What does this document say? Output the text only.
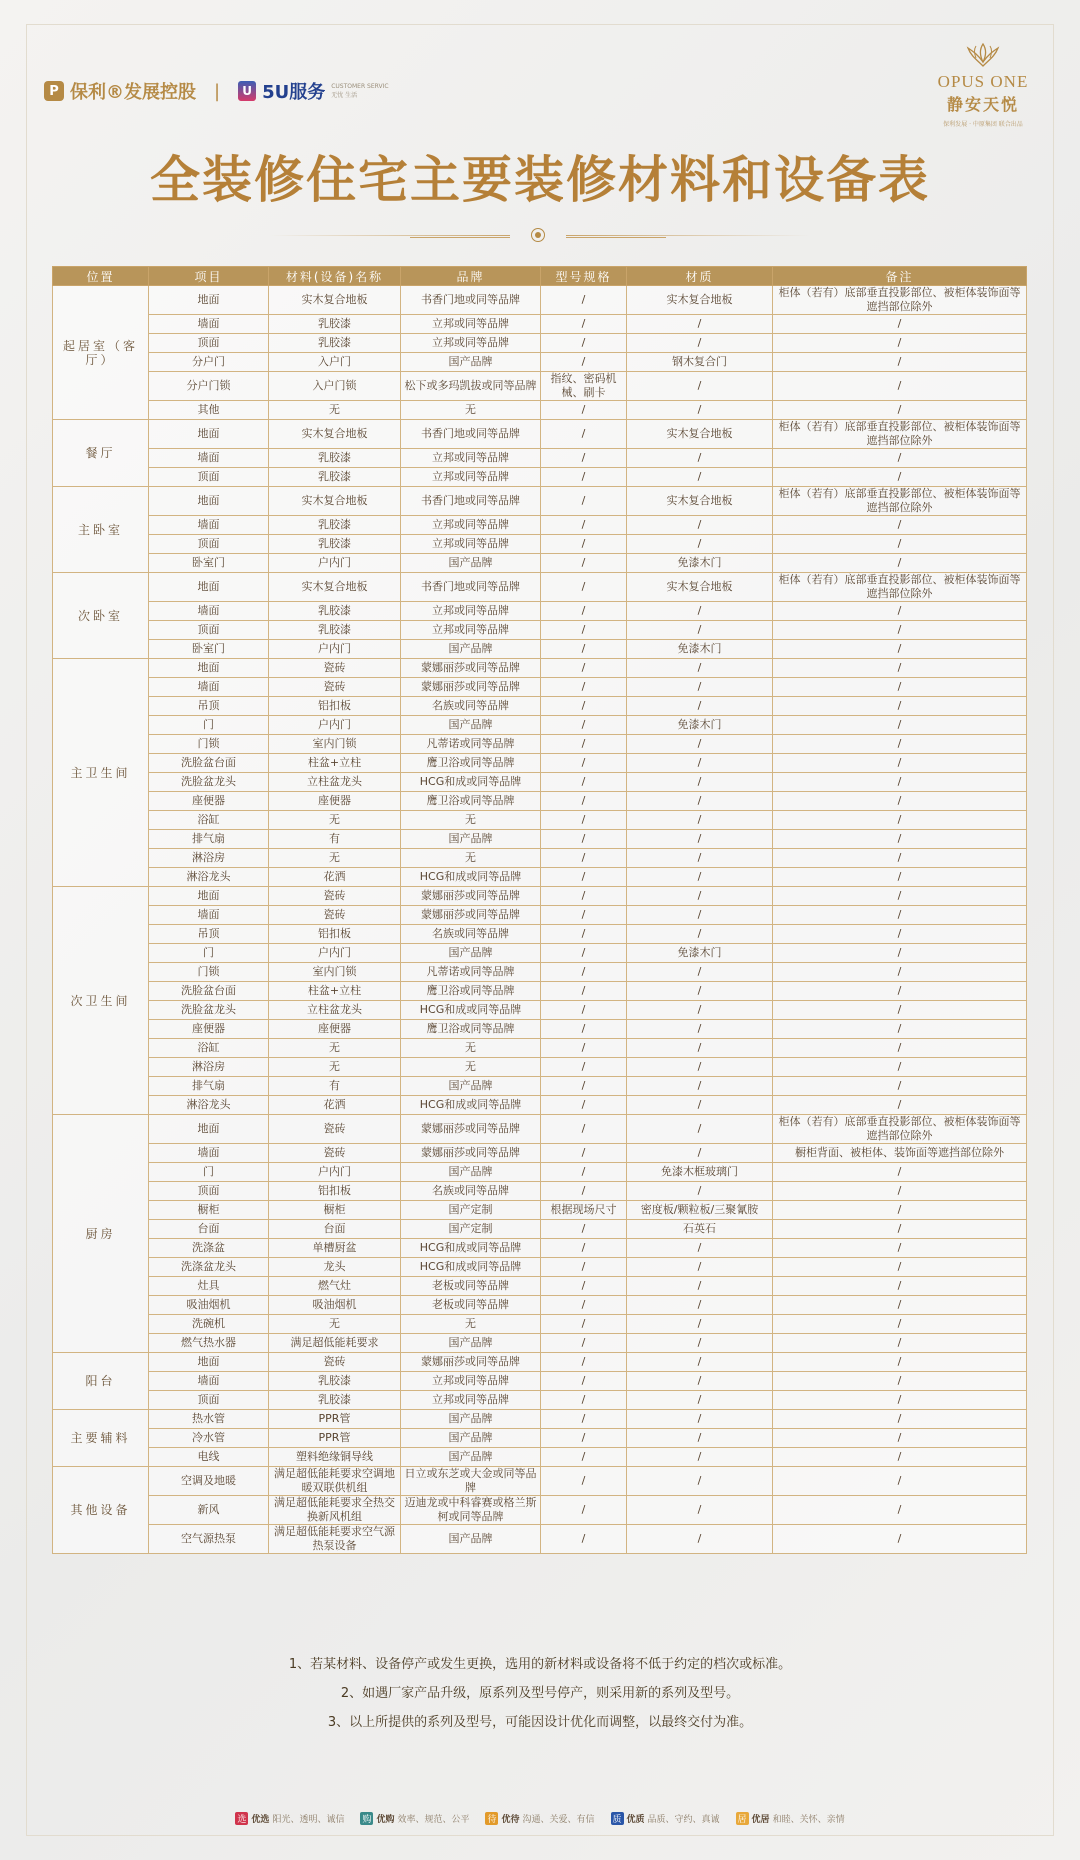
P 保利 ®发展控股 |	U 5U服务 CUSTOMER SERVIC
无忧 生活
OPUS ONE
静安天悦
保利发展 · 中原集团 联合出品
全装修住宅主要装修材料和设备表
位置	项目	材料(设备)名称	品牌	型号规格	材质	备注
起居室（客厅）	地面	实木复合地板	书香门地或同等品牌	/	实木复合地板	柜体（若有）底部垂直投影部位、被柜体装饰面等遮挡部位除外
	墙面	乳胶漆	立邦或同等品牌	/	/	/
	顶面	乳胶漆	立邦或同等品牌	/	/	/
	分户门	入户门	国产品牌	/	钢木复合门	/
	分户门锁	入户门锁	松下或多玛凯拔或同等品牌	指纹、密码机械、刷卡	/	/
	其他	无	无	/	/	/
餐厅	地面	实木复合地板	书香门地或同等品牌	/	实木复合地板	柜体（若有）底部垂直投影部位、被柜体装饰面等遮挡部位除外
	墙面	乳胶漆	立邦或同等品牌	/	/	/
	顶面	乳胶漆	立邦或同等品牌	/	/	/
主卧室	地面	实木复合地板	书香门地或同等品牌	/	实木复合地板	柜体（若有）底部垂直投影部位、被柜体装饰面等遮挡部位除外
	墙面	乳胶漆	立邦或同等品牌	/	/	/
	顶面	乳胶漆	立邦或同等品牌	/	/	/
	卧室门	户内门	国产品牌	/	免漆木门	/
次卧室	地面	实木复合地板	书香门地或同等品牌	/	实木复合地板	柜体（若有）底部垂直投影部位、被柜体装饰面等遮挡部位除外
	墙面	乳胶漆	立邦或同等品牌	/	/	/
	顶面	乳胶漆	立邦或同等品牌	/	/	/
	卧室门	户内门	国产品牌	/	免漆木门	/
主卫生间	地面	瓷砖	蒙娜丽莎或同等品牌	/	/	/
	墙面	瓷砖	蒙娜丽莎或同等品牌	/	/	/
	吊顶	铝扣板	名族或同等品牌	/	/	/
	门	户内门	国产品牌	/	免漆木门	/
	门锁	室内门锁	凡蒂诺或同等品牌	/	/	/
	洗脸盆台面	柱盆+立柱	鹰卫浴或同等品牌	/	/	/
	洗脸盆龙头	立柱盆龙头	HCG和成或同等品牌	/	/	/
	座便器	座便器	鹰卫浴或同等品牌	/	/	/
	浴缸	无	无	/	/	/
	排气扇	有	国产品牌	/	/	/
	淋浴房	无	无	/	/	/
	淋浴龙头	花洒	HCG和成或同等品牌	/	/	/
次卫生间	地面	瓷砖	蒙娜丽莎或同等品牌	/	/	/
	墙面	瓷砖	蒙娜丽莎或同等品牌	/	/	/
	吊顶	铝扣板	名族或同等品牌	/	/	/
	门	户内门	国产品牌	/	免漆木门	/
	门锁	室内门锁	凡蒂诺或同等品牌	/	/	/
	洗脸盆台面	柱盆+立柱	鹰卫浴或同等品牌	/	/	/
	洗脸盆龙头	立柱盆龙头	HCG和成或同等品牌	/	/	/
	座便器	座便器	鹰卫浴或同等品牌	/	/	/
	浴缸	无	无	/	/	/
	淋浴房	无	无	/	/	/
	排气扇	有	国产品牌	/	/	/
	淋浴龙头	花洒	HCG和成或同等品牌	/	/	/
厨房	地面	瓷砖	蒙娜丽莎或同等品牌	/	/	柜体（若有）底部垂直投影部位、被柜体装饰面等遮挡部位除外
	墙面	瓷砖	蒙娜丽莎或同等品牌	/	/	橱柜背面、被柜体、装饰面等遮挡部位除外
	门	户内门	国产品牌	/	免漆木框玻璃门	/
	顶面	铝扣板	名族或同等品牌	/	/	/
	橱柜	橱柜	国产定制	根据现场尺寸	密度板/颗粒板/三聚氰胺	/
	台面	台面	国产定制	/	石英石	/
	洗涤盆	单槽厨盆	HCG和成或同等品牌	/	/	/
	洗涤盆龙头	龙头	HCG和成或同等品牌	/	/	/
	灶具	燃气灶	老板或同等品牌	/	/	/
	吸油烟机	吸油烟机	老板或同等品牌	/	/	/
	洗碗机	无	无	/	/	/
	燃气热水器	满足超低能耗要求	国产品牌	/	/	/
阳台	地面	瓷砖	蒙娜丽莎或同等品牌	/	/	/
	墙面	乳胶漆	立邦或同等品牌	/	/	/
	顶面	乳胶漆	立邦或同等品牌	/	/	/
主要辅料	热水管	PPR管	国产品牌	/	/	/
	冷水管	PPR管	国产品牌	/	/	/
	电线	塑料绝缘铜导线	国产品牌	/	/	/
其他设备	空调及地暖	满足超低能耗要求空调地暖双联供机组	日立或东芝或大金或同等品牌	/	/	/
	新风	满足超低能耗要求全热交换新风机组	迈迪龙或中科睿赛或格兰斯柯或同等品牌	/	/	/
	空气源热泵	满足超低能耗要求空气源热泵设备	国产品牌	/	/	/
1、若某材料、设备停产或发生更换，选用的新材料或设备将不低于约定的档次或标准。
2、如遇厂家产品升级，原系列及型号停产，则采用新的系列及型号。
3、以上所提供的系列及型号，可能因设计优化而调整，以最终交付为准。
选 优选 阳光、透明、诚信 购 优购 效率、规范、公平 待 优待 沟通、关爱、有信 质 优质 品质、守约、真诚 居 优居 和睦、关怀、亲情
